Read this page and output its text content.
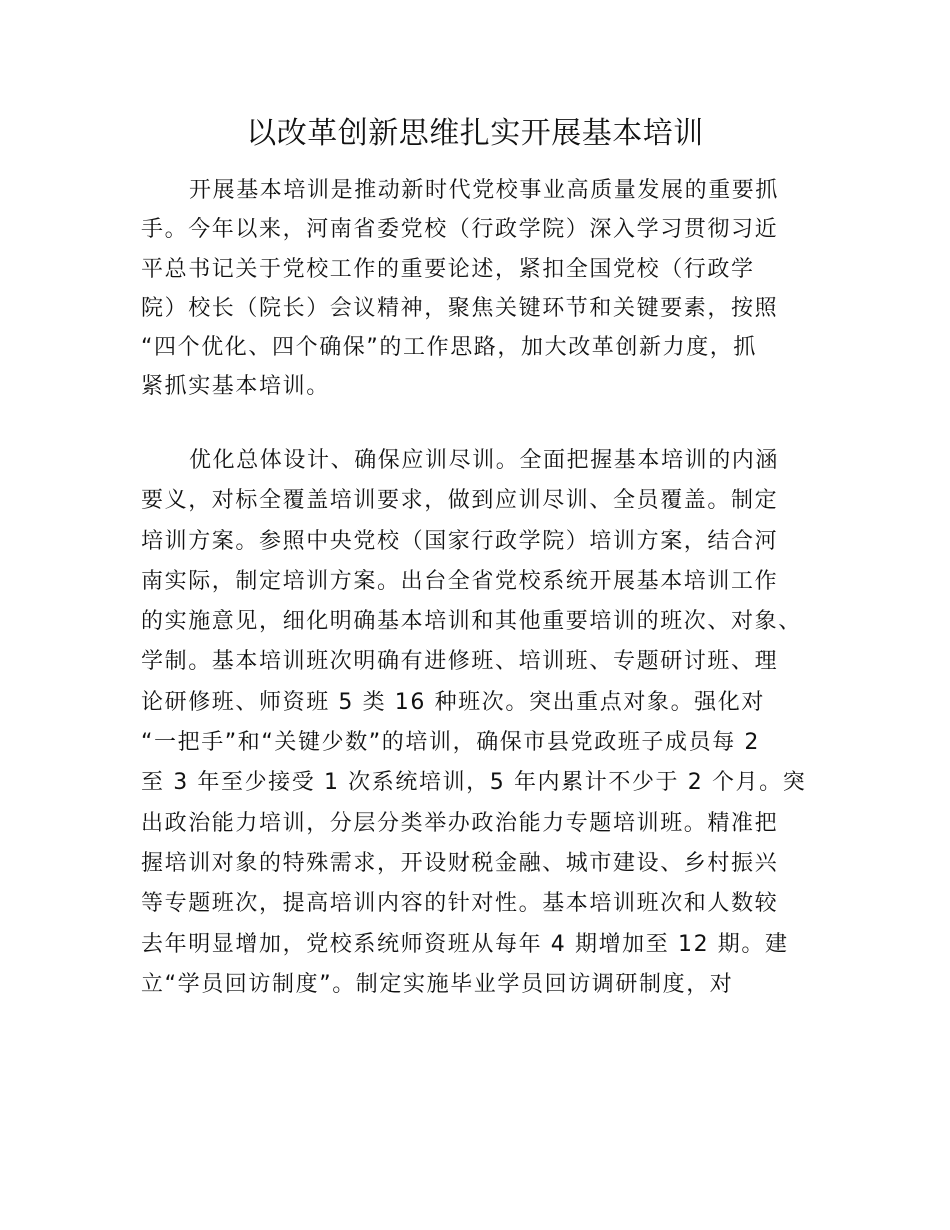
以改革创新思维扎实开展基本培训
开展基本培训是推动新时代党校事业高质量发展的重要抓
手。今年以来，河南省委党校（行政学院）深入学习贯彻习近
平总书记关于党校工作的重要论述，紧扣全国党校（行政学
院）校长（院长）会议精神，聚焦关键环节和关键要素，按照
“四个优化、四个确保”的工作思路，加大改革创新力度，抓
紧抓实基本培训。
优化总体设计、确保应训尽训。全面把握基本培训的内涵
要义，对标全覆盖培训要求，做到应训尽训、全员覆盖。制定
培训方案。参照中央党校（国家行政学院）培训方案，结合河
南实际，制定培训方案。出台全省党校系统开展基本培训工作
的实施意见，细化明确基本培训和其他重要培训的班次、对象、
学制。基本培训班次明确有进修班、培训班、专题研讨班、理
论研修班、师资班 5 类 16 种班次。突出重点对象。强化对
“一把手”和“关键少数”的培训，确保市县党政班子成员每 2
至 3 年至少接受 1 次系统培训，5 年内累计不少于 2 个月。突
出政治能力培训，分层分类举办政治能力专题培训班。精准把
握培训对象的特殊需求，开设财税金融、城市建设、乡村振兴
等专题班次，提高培训内容的针对性。基本培训班次和人数较
去年明显增加，党校系统师资班从每年 4 期增加至 12 期。建
立“学员回访制度”。制定实施毕业学员回访调研制度，对
